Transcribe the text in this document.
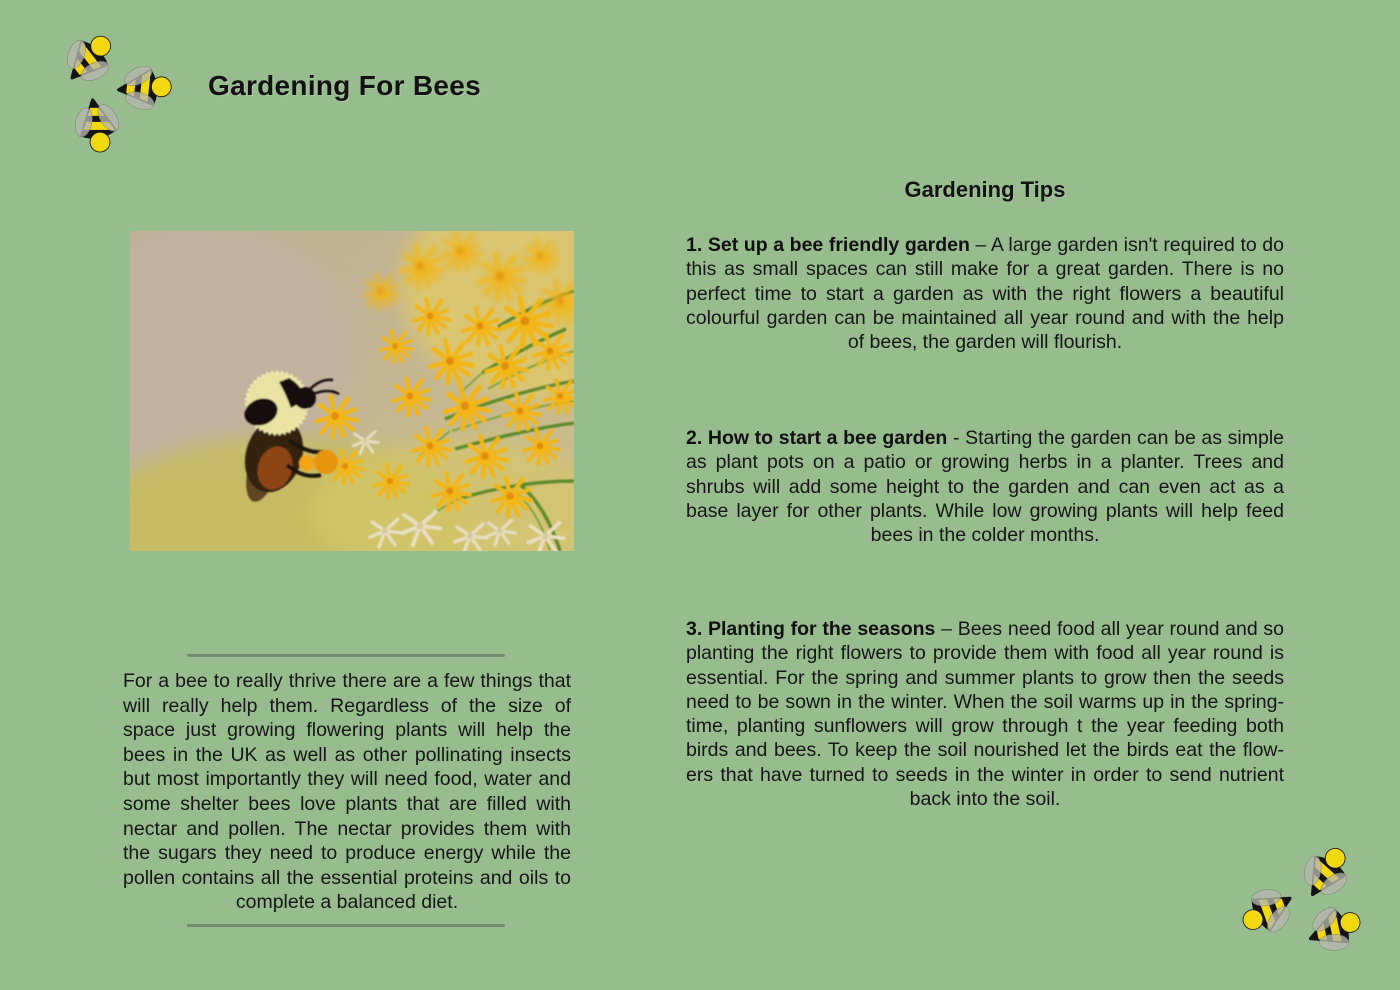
Gardening For Bees

For a bee to really thrive there are a few things that will really help them. Regardless of the size of space just growing flowering plants will help the bees in the UK as well as other pollinating insects but most importantly they will need food, water and some shelter bees love plants that are filled with nectar and pollen. The nectar provides them with the sugars they need to produce energy while the pollen contains all the essential proteins and oils to complete a balanced diet.

Gardening Tips

1. Set up a bee friendly garden – A large garden isn't required to do this as small spaces can still make for a great garden. There is no perfect time to start a garden as with the right flowers a beautiful colourful garden can be maintained all year round and with the help of bees, the garden will flourish.

2. How to start a bee garden - Starting the garden can be as simple as plant pots on a patio or growing herbs in a planter. Trees and shrubs will add some height to the garden and can even act as a base layer for other plants. While low growing plants will help feed bees in the colder months.

3. Planting for the seasons – Bees need food all year round and so planting the right flowers to provide them with food all year round is essential. For the spring and summer plants to grow then the seeds need to be sown in the winter. When the soil warms up in the springtime, planting sunflowers will grow through t the year feeding both birds and bees. To keep the soil nourished let the birds eat the flowers that have turned to seeds in the winter in order to send nutrient back into the soil.
